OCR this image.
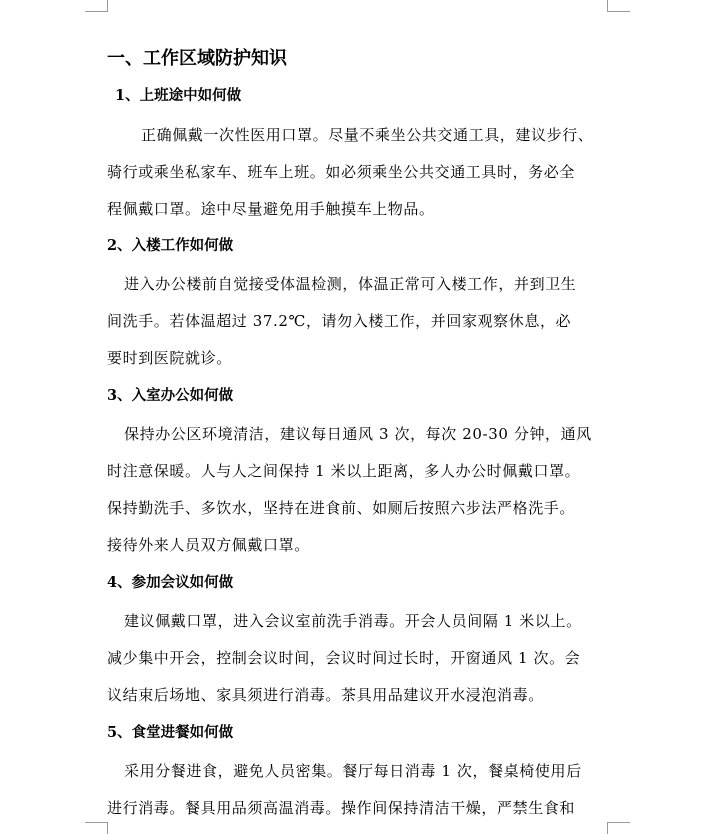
一、工作区域防护知识
1、上班途中如何做
正确佩戴一次性医用口罩。尽量不乘坐公共交通工具，建议步行、
骑行或乘坐私家车、班车上班。如必须乘坐公共交通工具时，务必全
程佩戴口罩。途中尽量避免用手触摸车上物品。
2、入楼工作如何做
进入办公楼前自觉接受体温检测，体温正常可入楼工作，并到卫生
间洗手。若体温超过 37.2℃，请勿入楼工作，并回家观察休息，必
要时到医院就诊。
3、入室办公如何做
保持办公区环境清洁，建议每日通风 3 次，每次 20-30 分钟，通风
时注意保暖。人与人之间保持 1 米以上距离，多人办公时佩戴口罩。
保持勤洗手、多饮水，坚持在进食前、如厕后按照六步法严格洗手。
接待外来人员双方佩戴口罩。
4、参加会议如何做
建议佩戴口罩，进入会议室前洗手消毒。开会人员间隔 1 米以上。
减少集中开会，控制会议时间，会议时间过长时，开窗通风 1 次。会
议结束后场地、家具须进行消毒。茶具用品建议开水浸泡消毒。
5、食堂进餐如何做
采用分餐进食，避免人员密集。餐厅每日消毒 1 次，餐桌椅使用后
进行消毒。餐具用品须高温消毒。操作间保持清洁干燥，严禁生食和
